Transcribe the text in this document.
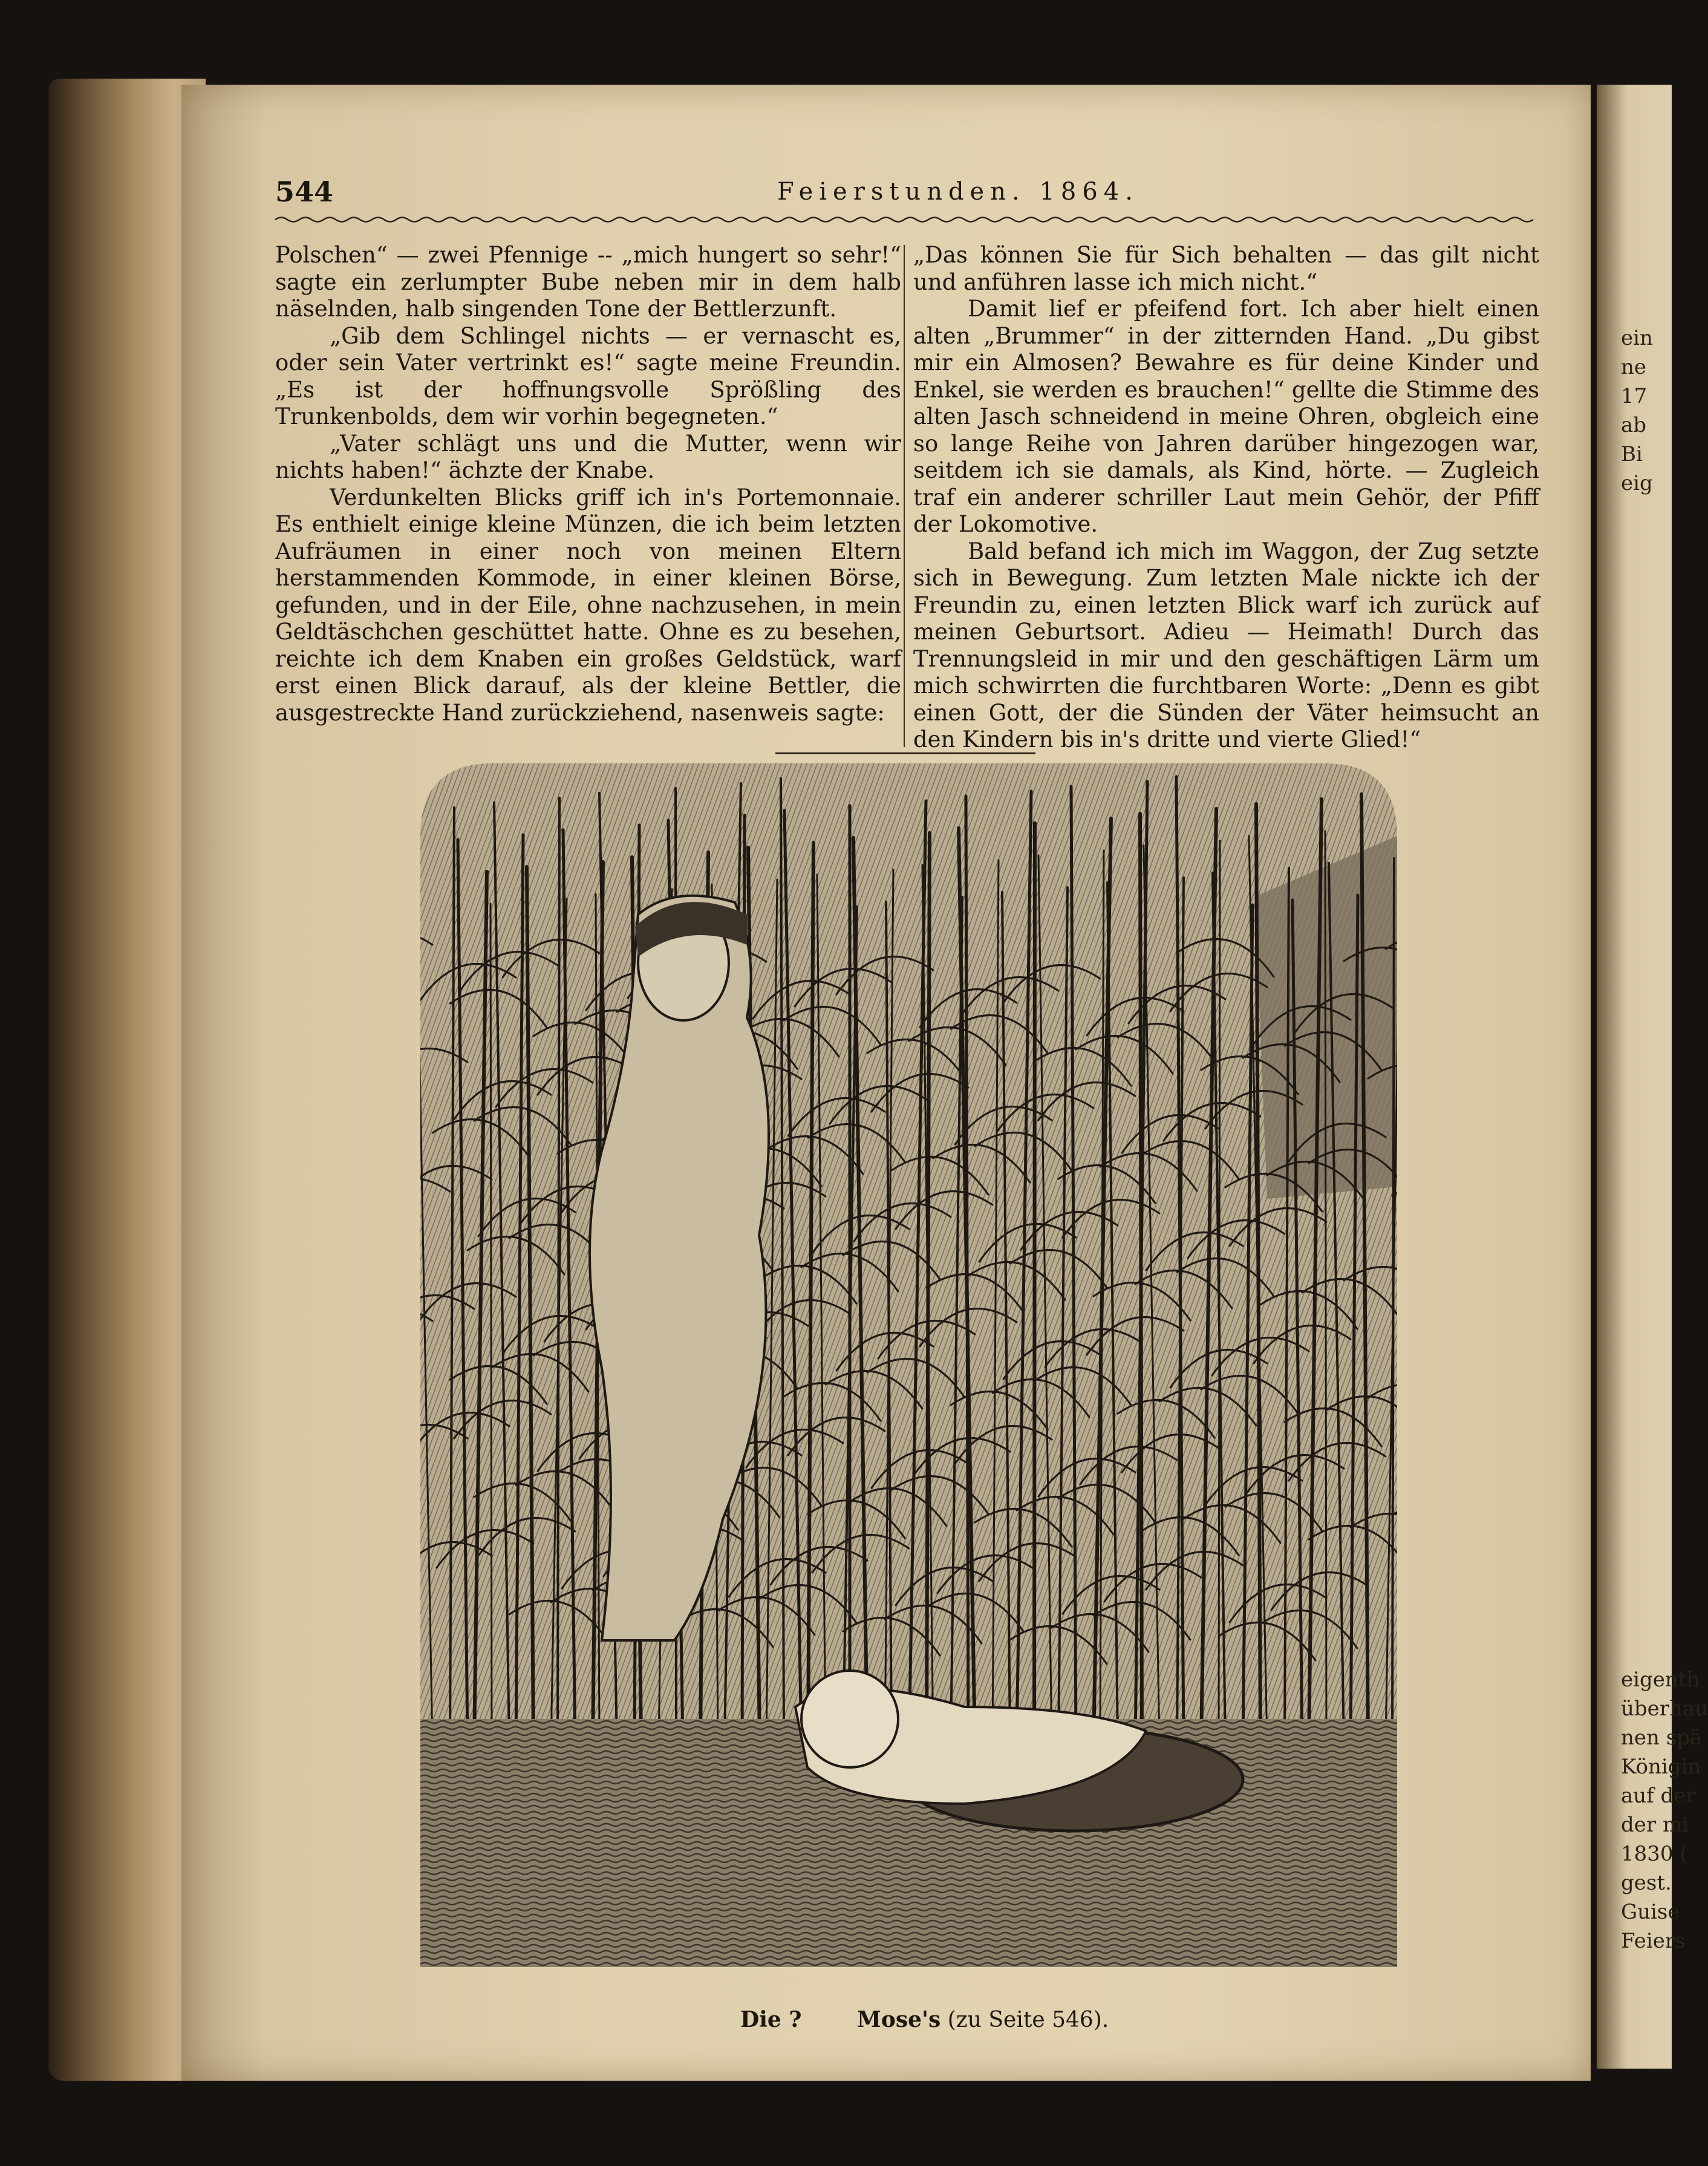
ein
ne
17
ab
Bi
eig
eigenth
überhau
nen spä
Königin
auf der
der mi
1830 (
gest.
Guise
Feiers
544	Feierstunden. 1864.

Polschen“ — zwei Pfennige -- „mich hungert so sehr!“ sagte ein zerlumpter Bube neben mir in dem halb näselnden, halb singenden Tone der Bettlerzunft.

„Gib dem Schlingel nichts — er vernascht es, oder sein Vater vertrinkt es!“ sagte meine Freundin. „Es ist der hoffnungsvolle Sprößling des Trunkenbolds, dem wir vorhin begegneten.“

„Vater schlägt uns und die Mutter, wenn wir nichts haben!“ ächzte der Knabe.

Verdunkelten Blicks griff ich in's Portemonnaie. Es enthielt einige kleine Münzen, die ich beim letzten Aufräumen in einer noch von meinen Eltern herstammenden Kommode, in einer kleinen Börse, gefunden, und in der Eile, ohne nachzusehen, in mein Geldtäschchen geschüttet hatte. Ohne es zu besehen, reichte ich dem Knaben ein großes Geldstück, warf erst einen Blick darauf, als der kleine Bettler, die ausgestreckte Hand zurückziehend, nasenweis sagte:

„Das können Sie für Sich behalten — das gilt nicht und anführen lasse ich mich nicht.“

Damit lief er pfeifend fort. Ich aber hielt einen alten „Brummer“ in der zitternden Hand. „Du gibst mir ein Almosen? Bewahre es für deine Kinder und Enkel, sie werden es brauchen!“ gellte die Stimme des alten Jasch schneidend in meine Ohren, obgleich eine so lange Reihe von Jahren darüber hingezogen war, seitdem ich sie damals, als Kind, hörte. — Zugleich traf ein anderer schriller Laut mein Gehör, der Pfiff der Lokomotive.

Bald befand ich mich im Waggon, der Zug setzte sich in Bewegung. Zum letzten Male nickte ich der Freundin zu, einen letzten Blick warf ich zurück auf meinen Geburtsort. Adieu — Heimath! Durch das Trennungsleid in mir und den geschäftigen Lärm um mich schwirrten die furchtbaren Worte: „Denn es gibt einen Gott, der die Sünden der Väter heimsucht an den Kindern bis in's dritte und vierte Glied!“

Die ?	Mose's (zu Seite 546).
